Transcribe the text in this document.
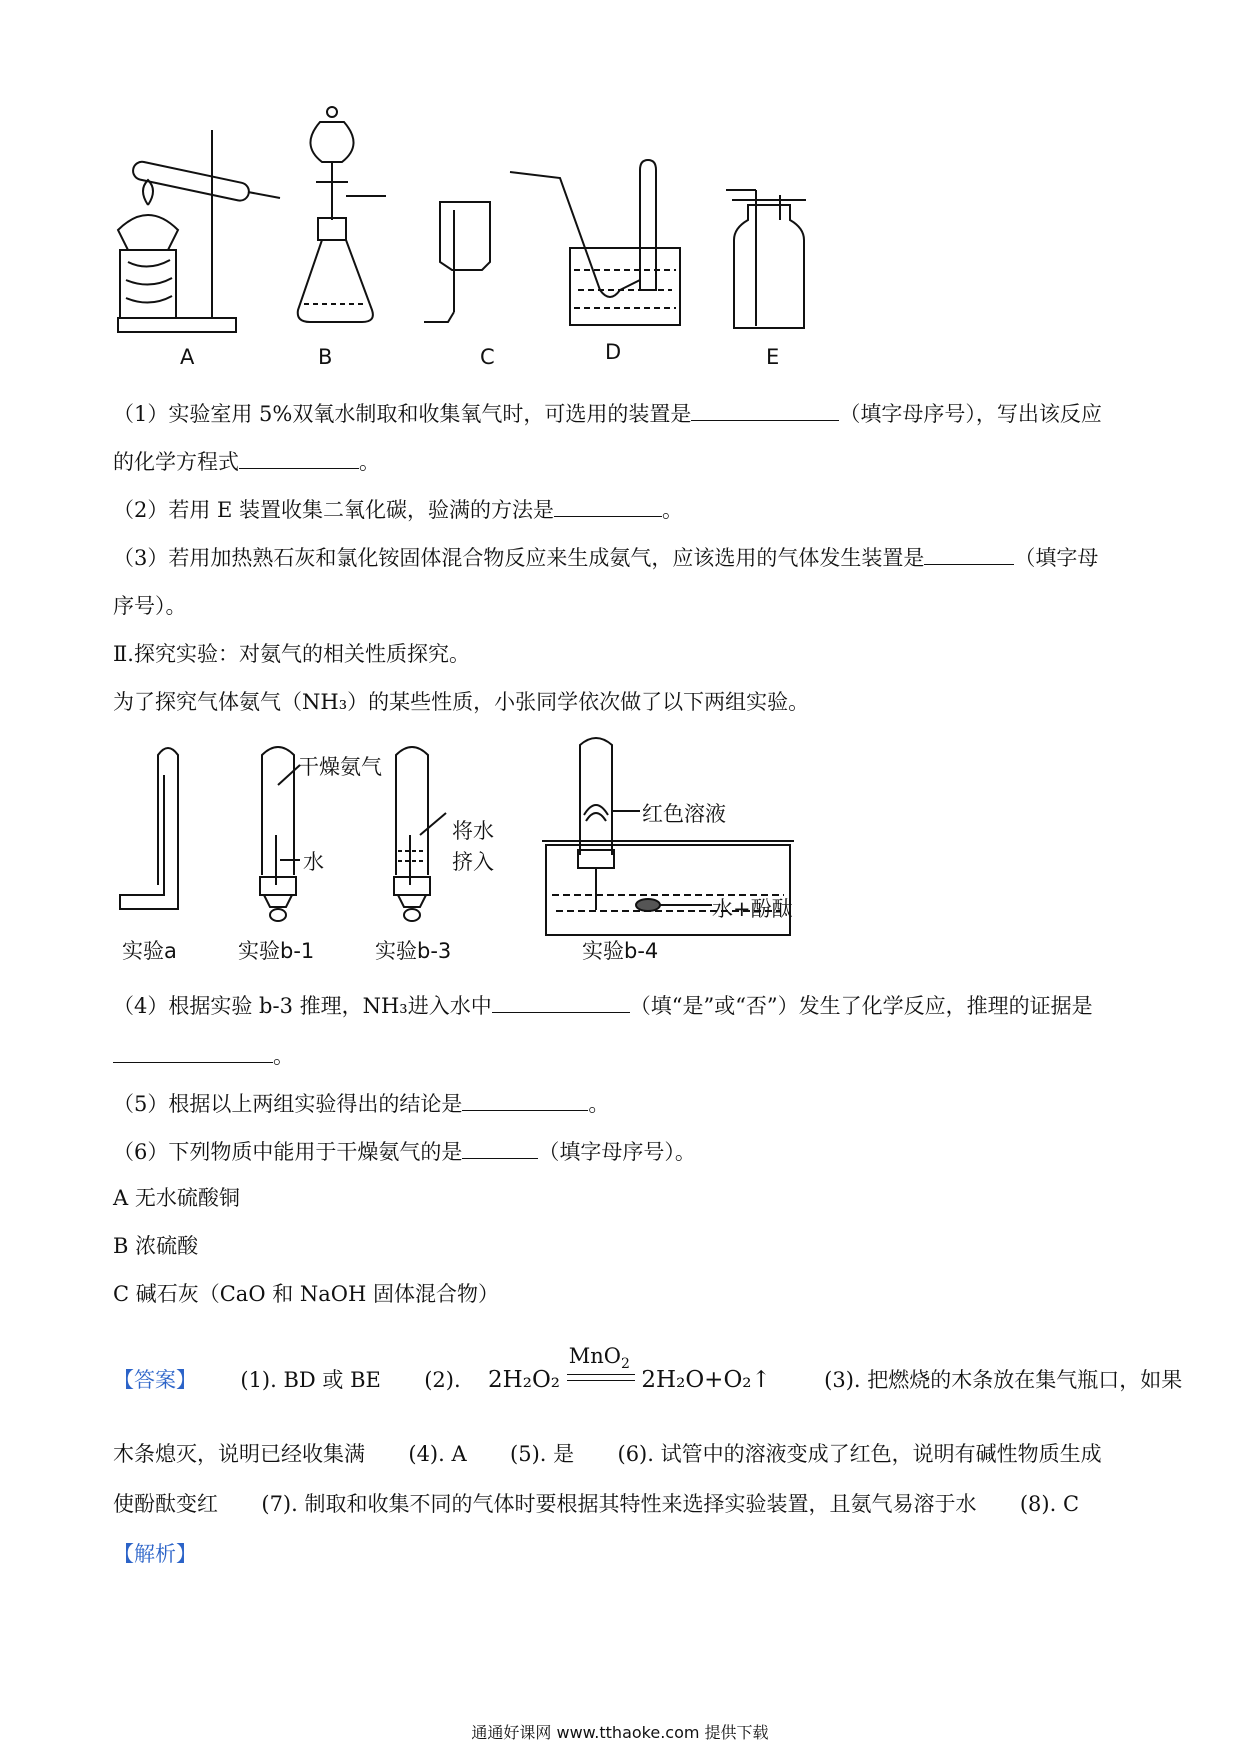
A	B	C	D	E
（1）实验室用 5%双氧水制取和收集氧气时，可选用的装置是	（填字母序号），写出该反应
的化学方程式	。
（2）若用 E 装置收集二氧化碳，验满的方法是	。
（3）若用加热熟石灰和氯化铵固体混合物反应来生成氨气，应该选用的气体发生装置是	（填字母
序号）。
Ⅱ.探究实验：对氨气的相关性质探究。
为了探究气体氨气（NH₃）的某些性质，小张同学依次做了以下两组实验。
干燥氨气
水
将水
挤入
红色溶液
水+酚酞
实验a	实验b-1	实验b-3	实验b-4
（4）根据实验 b-3 推理，NH₃进入水中	（填“是”或“否”）发生了化学反应，推理的证据是
。
（5）根据以上两组实验得出的结论是	。
（6）下列物质中能用于干燥氨气的是	（填字母序号）。
A 无水硫酸铜
B 浓硫酸
C 碱石灰（CaO 和 NaOH 固体混合物）
【答案】 (1). BD 或 BE (2). 2H₂O₂
MnO$_2$
2H₂O+O₂↑	(3). 把燃烧的木条放在集气瓶口，如果
木条熄灭，说明已经收集满 (4). A (5). 是 (6). 试管中的溶液变成了红色，说明有碱性物质生成
使酚酞变红 (7). 制取和收集不同的气体时要根据其特性来选择实验装置，且氨气易溶于水 (8). C
【解析】
通通好课网 www.tthaoke.com 提供下载
